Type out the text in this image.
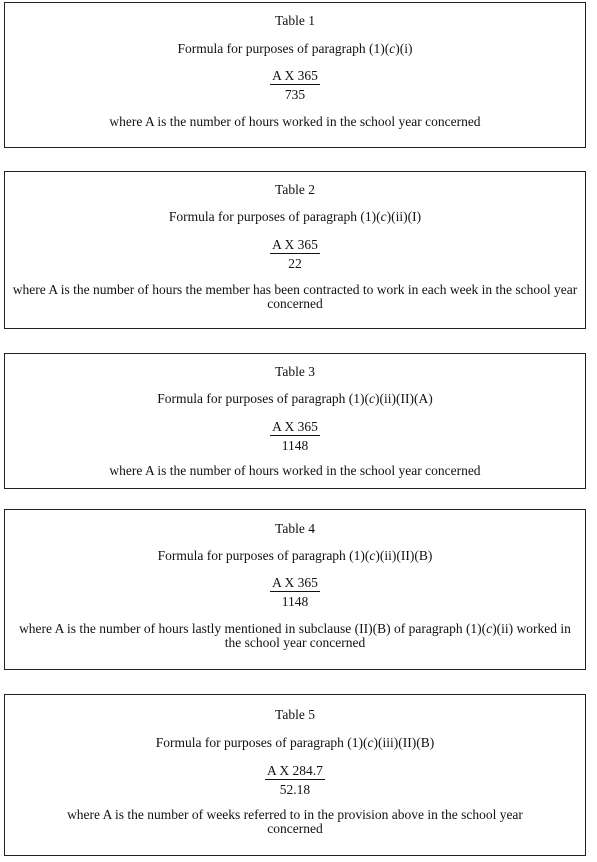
Table 1
Formula for purposes of paragraph (1)(c)(i)
$\frac{\text{A X 365}}{735}$
where A is the number of hours worked in the school year concerned
Table 2
Formula for purposes of paragraph (1)(c)(ii)(I)
$\frac{\text{A X 365}}{22}$
where A is the number of hours the member has been contracted to work in each week in the school year concerned
Table 3
Formula for purposes of paragraph (1)(c)(ii)(II)(A)
$\frac{\text{A X 365}}{1148}$
where A is the number of hours worked in the school year concerned
Table 4
Formula for purposes of paragraph (1)(c)(ii)(II)(B)
$\frac{\text{A X 365}}{1148}$
where A is the number of hours lastly mentioned in subclause (II)(B) of paragraph (1)(c)(ii) worked in the school year concerned
Table 5
Formula for purposes of paragraph (1)(c)(iii)(II)(B)
$\frac{\text{A X 284.7}}{52.18}$
where A is the number of weeks referred to in the provision above in the school year concerned
